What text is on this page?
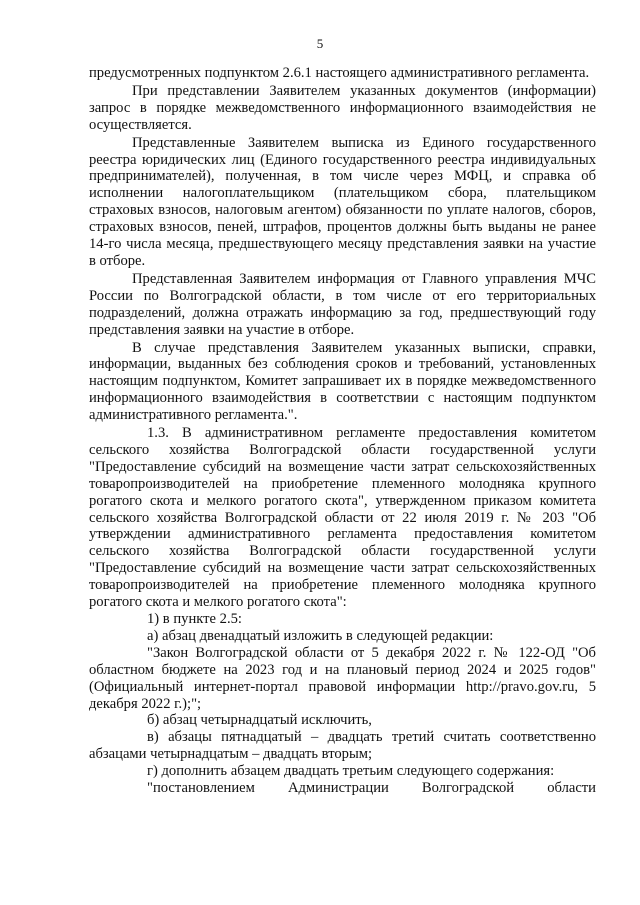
5

предусмотренных подпунктом 2.6.1 настоящего административного регламента.

При представлении Заявителем указанных документов (информации) запрос в порядке межведомственного информационного взаимодействия не осуществляется.

Представленные Заявителем выписка из Единого государственного реестра юридических лиц (Единого государственного реестра индивидуальных предпринимателей), полученная, в том числе через МФЦ, и справка об исполнении налогоплательщиком (плательщиком сбора, плательщиком страховых взносов, налоговым агентом) обязанности по уплате налогов, сборов, страховых взносов, пеней, штрафов, процентов должны быть выданы не ранее 14-го числа месяца, предшествующего месяцу представления заявки на участие в отборе.

Представленная Заявителем информация от Главного управления МЧС России по Волгоградской области, в том числе от его территориальных подразделений, должна отражать информацию за год, предшествующий году представления заявки на участие в отборе.

В случае представления Заявителем указанных выписки, справки, информации, выданных без соблюдения сроков и требований, установленных настоящим подпунктом, Комитет запрашивает их в порядке межведомственного информационного взаимодействия в соответствии с настоящим подпунктом административного регламента.".

1.3. В административном регламенте предоставления комитетом сельского хозяйства Волгоградской области государственной услуги "Предоставление субсидий на возмещение части затрат сельскохозяйственных товаропроизводителей на приобретение племенного молодняка крупного рогатого скота и мелкого рогатого скота", утвержденном приказом комитета сельского хозяйства Волгоградской области от 22 июля 2019 г. № 203 "Об утверждении административного регламента предоставления комитетом сельского хозяйства Волгоградской области государственной услуги "Предоставление субсидий на возмещение части затрат сельскохозяйственных товаропроизводителей на приобретение племенного молодняка крупного рогатого скота и мелкого рогатого скота":

1) в пункте 2.5:

а) абзац двенадцатый изложить в следующей редакции:

"Закон Волгоградской области от 5 декабря 2022 г. № 122-ОД "Об областном бюджете на 2023 год и на плановый период 2024 и 2025 годов" (Официальный интернет-портал правовой информации http://pravo.gov.ru, 5 декабря 2022 г.);";

б) абзац четырнадцатый исключить,

в) абзацы пятнадцатый – двадцать третий считать соответственно абзацами четырнадцатым – двадцать вторым;

г) дополнить абзацем двадцать третьим следующего содержания:

"постановлением Администрации Волгоградской области
